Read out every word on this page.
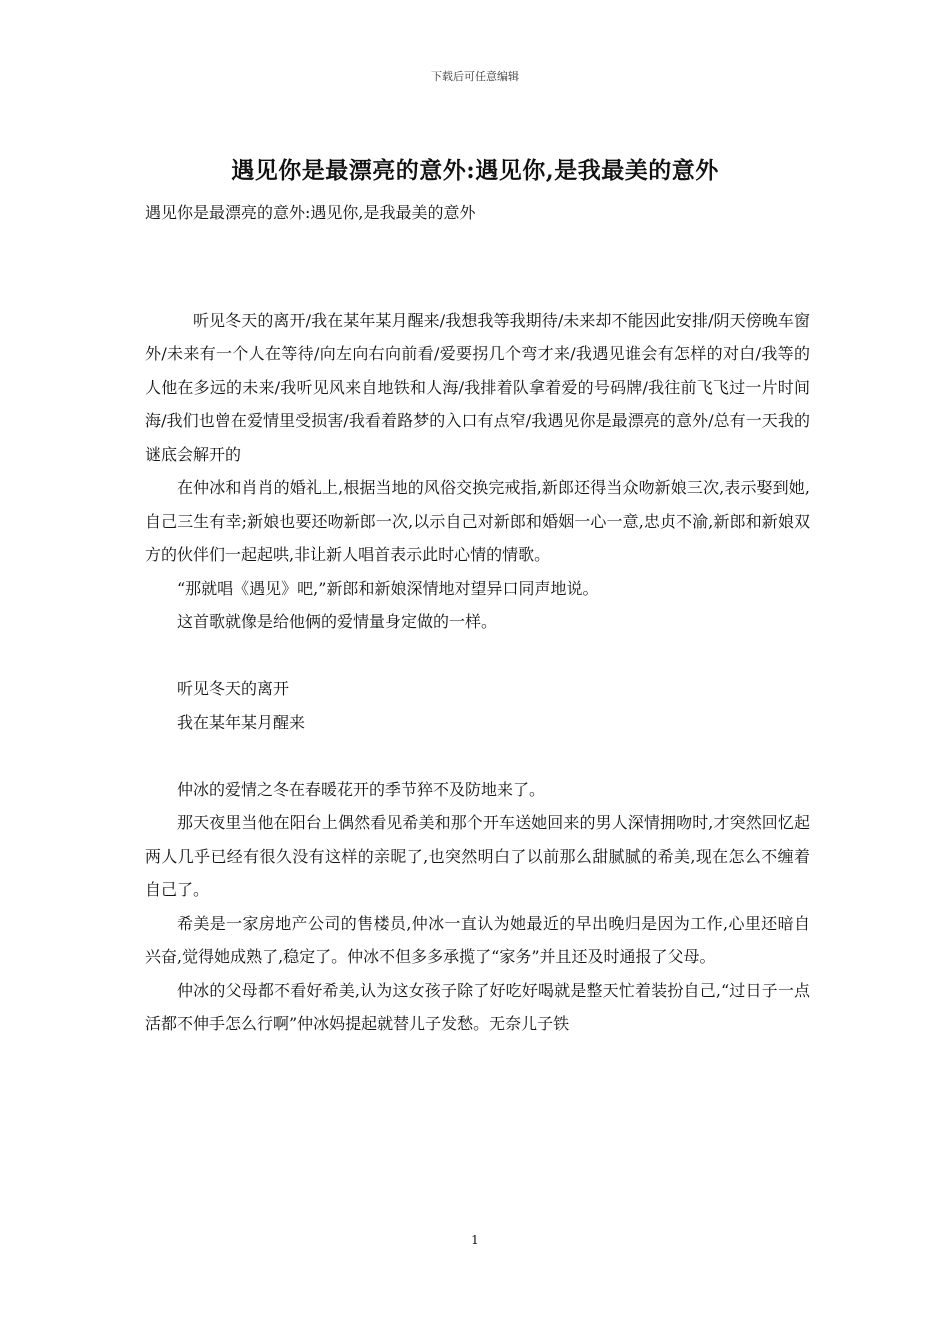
下载后可任意编辑
遇见你是最漂亮的意外:遇见你,是我最美的意外

遇见你是最漂亮的意外:遇见你,是我最美的意外

听见冬天的离开/我在某年某月醒来/我想我等我期待/未来却不能因此安排/阴天傍晚车窗外/未来有一个人在等待/向左向右向前看/爱要拐几个弯才来/我遇见谁会有怎样的对白/我等的人他在多远的未来/我听见风来自地铁和人海/我排着队拿着爱的号码牌/我往前飞飞过一片时间海/我们也曾在爱情里受损害/我看着路梦的入口有点窄/我遇见你是最漂亮的意外/总有一天我的谜底会解开的

在仲冰和肖肖的婚礼上,根据当地的风俗交换完戒指,新郎还得当众吻新娘三次,表示娶到她,自己三生有幸;新娘也要还吻新郎一次,以示自己对新郎和婚姻一心一意,忠贞不渝,新郎和新娘双方的伙伴们一起起哄,非让新人唱首表示此时心情的情歌。

“那就唱《遇见》吧,”新郎和新娘深情地对望异口同声地说。

这首歌就像是给他俩的爱情量身定做的一样。

听见冬天的离开

我在某年某月醒来

仲冰的爱情之冬在春暖花开的季节猝不及防地来了。

那天夜里当他在阳台上偶然看见希美和那个开车送她回来的男人深情拥吻时,才突然回忆起两人几乎已经有很久没有这样的亲昵了,也突然明白了以前那么甜腻腻的希美,现在怎么不缠着自己了。

希美是一家房地产公司的售楼员,仲冰一直认为她最近的早出晚归是因为工作,心里还暗自兴奋,觉得她成熟了,稳定了。仲冰不但多多承揽了“家务”并且还及时通报了父母。

仲冰的父母都不看好希美,认为这女孩子除了好吃好喝就是整天忙着装扮自己,“过日子一点活都不伸手怎么行啊”仲冰妈提起就替儿子发愁。无奈儿子铁

1
